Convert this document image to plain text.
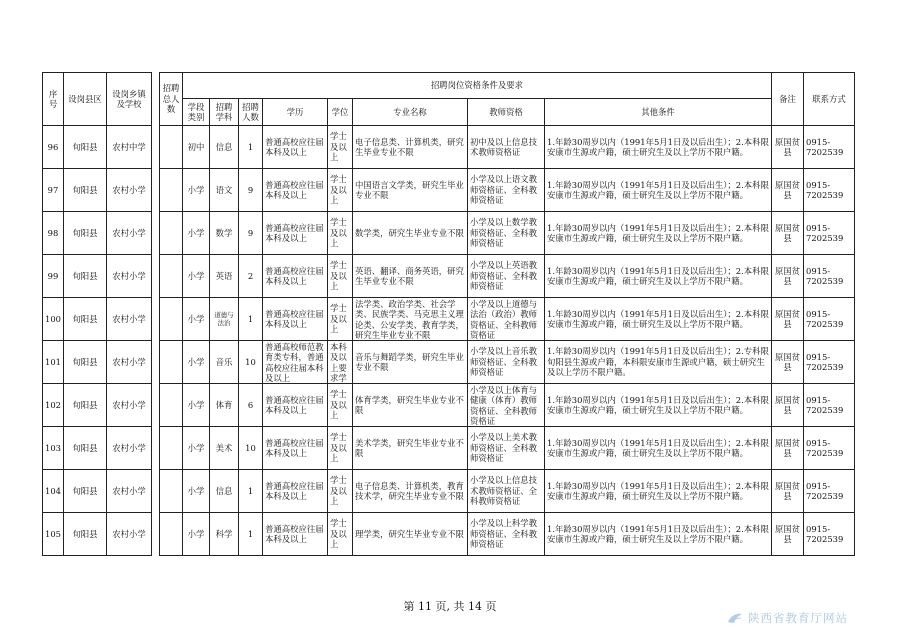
序号	设岗县区	设岗乡镇及学校		招聘总人数	招聘岗位资格条件及要求								备注	联系方式
					学段类别	招聘学科	招聘人数	学历	学位	专业名称	教师资格	其他条件		

96	旬阳县	农村中学			初中	信息	1	普通高校应往届本科及以上	学士及以上	电子信息类、计算机类，研究生毕业专业不限	初中及以上信息技术教师资格证	1.年龄30周岁以内（1991年5月1日及以后出生）；2.本科限安康市生源或户籍，硕士研究生及以上学历不限户籍。	原国贫县	0915-7202539

97	旬阳县	农村小学			小学	语文	9	普通高校应往届本科及以上	学士及以上	中国语言文学类，研究生毕业专业不限	小学及以上语文教师资格证、全科教师资格证	1.年龄30周岁以内（1991年5月1日及以后出生）；2.本科限安康市生源或户籍，硕士研究生及以上学历不限户籍。	原国贫县	0915-7202539

98	旬阳县	农村小学			小学	数学	9	普通高校应往届本科及以上	学士及以上	数学类，研究生毕业专业不限	小学及以上数学教师资格证、全科教师资格证	1.年龄30周岁以内（1991年5月1日及以后出生）；2.本科限安康市生源或户籍，硕士研究生及以上学历不限户籍。	原国贫县	0915-7202539

99	旬阳县	农村小学			小学	英语	2	普通高校应往届本科及以上	学士及以上	英语、翻译、商务英语，研究生毕业专业不限	小学及以上英语教师资格证、全科教师资格证	1.年龄30周岁以内（1991年5月1日及以后出生）；2.本科限安康市生源或户籍，硕士研究生及以上学历不限户籍。	原国贫县	0915-7202539

100	旬阳县	农村小学			小学	道德与法治	1	普通高校应往届本科及以上	学士及以上	法学类、政治学类、社会学类、民族学类、马克思主义理论类、公安学类、教育学类，研究生毕业专业不限	小学及以上道德与法治（政治）教师资格证、全科教师资格证	1.年龄30周岁以内（1991年5月1日及以后出生）；2.本科限安康市生源或户籍，硕士研究生及以上学历不限户籍。	原国贫县	0915-7202539

101	旬阳县	农村小学			小学	音乐	10	普通高校师范教育类专科，普通高校应往届本科及以上	本科及以上要求学	音乐与舞蹈学类，研究生毕业专业不限	小学及以上音乐教师资格证、全科教师资格证	1.年龄30周岁以内（1991年5月1日及以后出生）；2.专科限旬阳县生源或户籍，本科限安康市生源或户籍，硕士研究生及以上学历不限户籍。	原国贫县	0915-7202539

102	旬阳县	农村小学			小学	体育	6	普通高校应往届本科及以上	学士及以上	体育学类，研究生毕业专业不限	小学及以上体育与健康（体育）教师资格证、全科教师资格证	1.年龄30周岁以内（1991年5月1日及以后出生）；2.本科限安康市生源或户籍，硕士研究生及以上学历不限户籍。	原国贫县	0915-7202539

103	旬阳县	农村小学			小学	美术	10	普通高校应往届本科及以上	学士及以上	美术学类，研究生毕业专业不限	小学及以上美术教师资格证、全科教师资格证	1.年龄30周岁以内（1991年5月1日及以后出生）；2.本科限安康市生源或户籍，硕士研究生及以上学历不限户籍。	原国贫县	0915-7202539

104	旬阳县	农村小学			小学	信息	1	普通高校应往届本科及以上	学士及以上	电子信息类、计算机类，教育技术学，研究生毕业专业不限	小学及以上信息技术教师资格证、全科教师资格证	1.年龄30周岁以内（1991年5月1日及以后出生）；2.本科限安康市生源或户籍，硕士研究生及以上学历不限户籍。	原国贫县	0915-7202539

105	旬阳县	农村小学			小学	科学	1	普通高校应往届本科及以上	学士及以上	理学类，研究生毕业专业不限	小学及以上科学教师资格证、全科教师资格证	1.年龄30周岁以内（1991年5月1日及以后出生）；2.本科限安康市生源或户籍，硕士研究生及以上学历不限户籍。	原国贫县	0915-7202539
第 11 页, 共 14 页
陕西省教育厅网站
